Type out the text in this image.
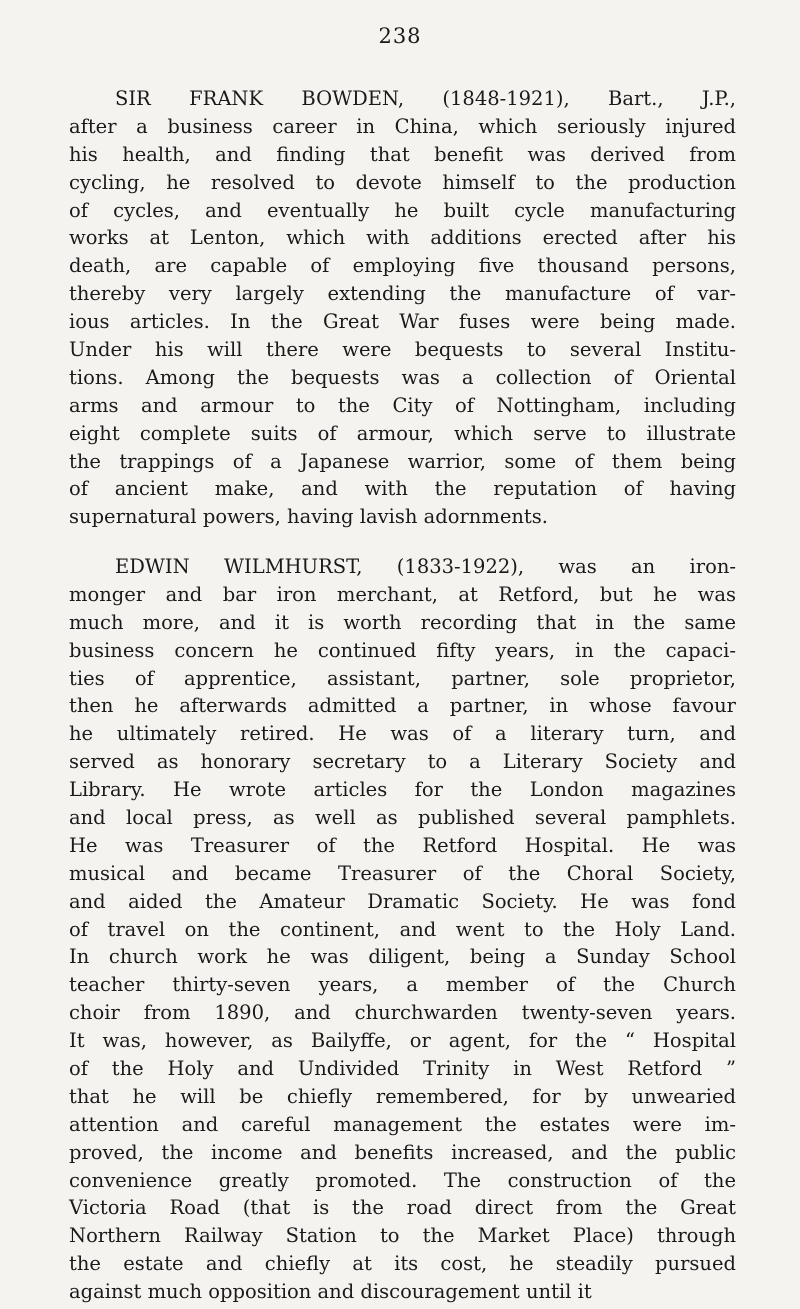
238

SIR FRANK BOWDEN, (1848-1921), Bart., J.P.,
after a business career in China, which seriously injured
his health, and finding that benefit was derived from
cycling, he resolved to devote himself to the production
of cycles, and eventually he built cycle manufacturing
works at Lenton, which with additions erected after his
death, are capable of employing five thousand persons,
thereby very largely extending the manufacture of var-
ious articles. In the Great War fuses were being made.
Under his will there were bequests to several Institu-
tions. Among the bequests was a collection of Oriental
arms and armour to the City of Nottingham, including
eight complete suits of armour, which serve to illustrate
the trappings of a Japanese warrior, some of them being
of ancient make, and with the reputation of having
supernatural powers, having lavish adornments.

EDWIN WILMHURST, (1833-1922), was an iron-
monger and bar iron merchant, at Retford, but he was
much more, and it is worth recording that in the same
business concern he continued fifty years, in the capaci-
ties of apprentice, assistant, partner, sole proprietor,
then he afterwards admitted a partner, in whose favour
he ultimately retired. He was of a literary turn, and
served as honorary secretary to a Literary Society and
Library. He wrote articles for the London magazines
and local press, as well as published several pamphlets.
He was Treasurer of the Retford Hospital. He was
musical and became Treasurer of the Choral Society,
and aided the Amateur Dramatic Society. He was fond
of travel on the continent, and went to the Holy Land.
In church work he was diligent, being a Sunday School
teacher thirty-seven years, a member of the Church
choir from 1890, and churchwarden twenty-seven years.
It was, however, as Bailyffe, or agent, for the “ Hospital
of the Holy and Undivided Trinity in West Retford ”
that he will be chiefly remembered, for by unwearied
attention and careful management the estates were im-
proved, the income and benefits increased, and the public
convenience greatly promoted. The construction of the
Victoria Road (that is the road direct from the Great
Northern Railway Station to the Market Place) through
the estate and chiefly at its cost, he steadily pursued
against much opposition and discouragement until it
